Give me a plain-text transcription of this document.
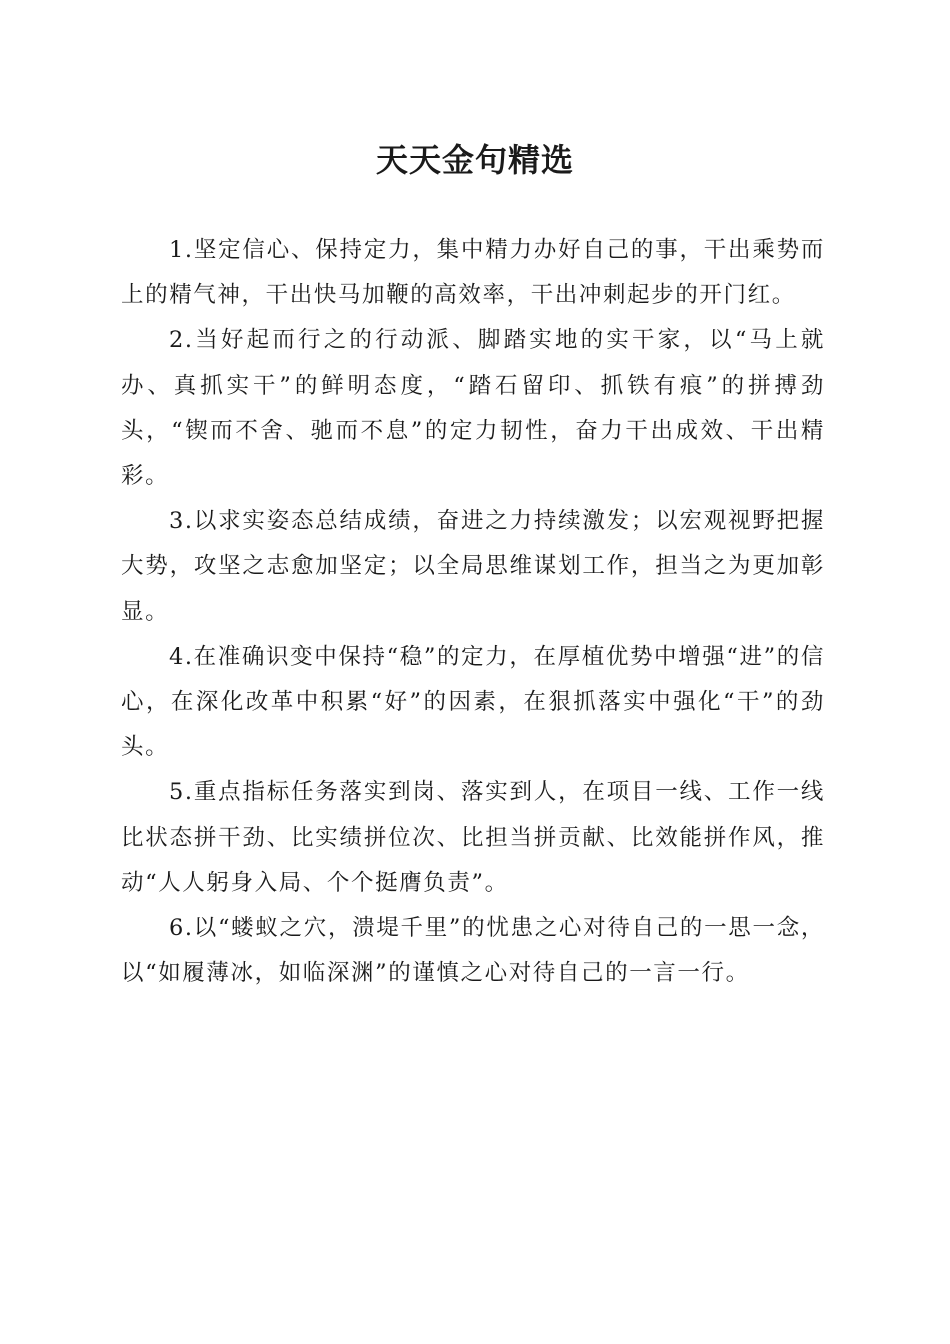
天天金句精选

1.坚定信心、保持定力，集中精力办好自己的事，干出乘势而上的精气神，干出快马加鞭的高效率，干出冲刺起步的开门红。

2.当好起而行之的行动派、脚踏实地的实干家，以“马上就办、真抓实干”的鲜明态度，“踏石留印、抓铁有痕”的拼搏劲头，“锲而不舍、驰而不息”的定力韧性，奋力干出成效、干出精彩。

3.以求实姿态总结成绩，奋进之力持续激发；以宏观视野把握大势，攻坚之志愈加坚定；以全局思维谋划工作，担当之为更加彰显。

4.在准确识变中保持“稳”的定力，在厚植优势中增强“进”的信心，在深化改革中积累“好”的因素，在狠抓落实中强化“干”的劲头。

5.重点指标任务落实到岗、落实到人，在项目一线、工作一线比状态拼干劲、比实绩拼位次、比担当拼贡献、比效能拼作风，推动“人人躬身入局、个个挺膺负责”。

6.以“蝼蚁之穴，溃堤千里”的忧患之心对待自己的一思一念，以“如履薄冰，如临深渊”的谨慎之心对待自己的一言一行。
